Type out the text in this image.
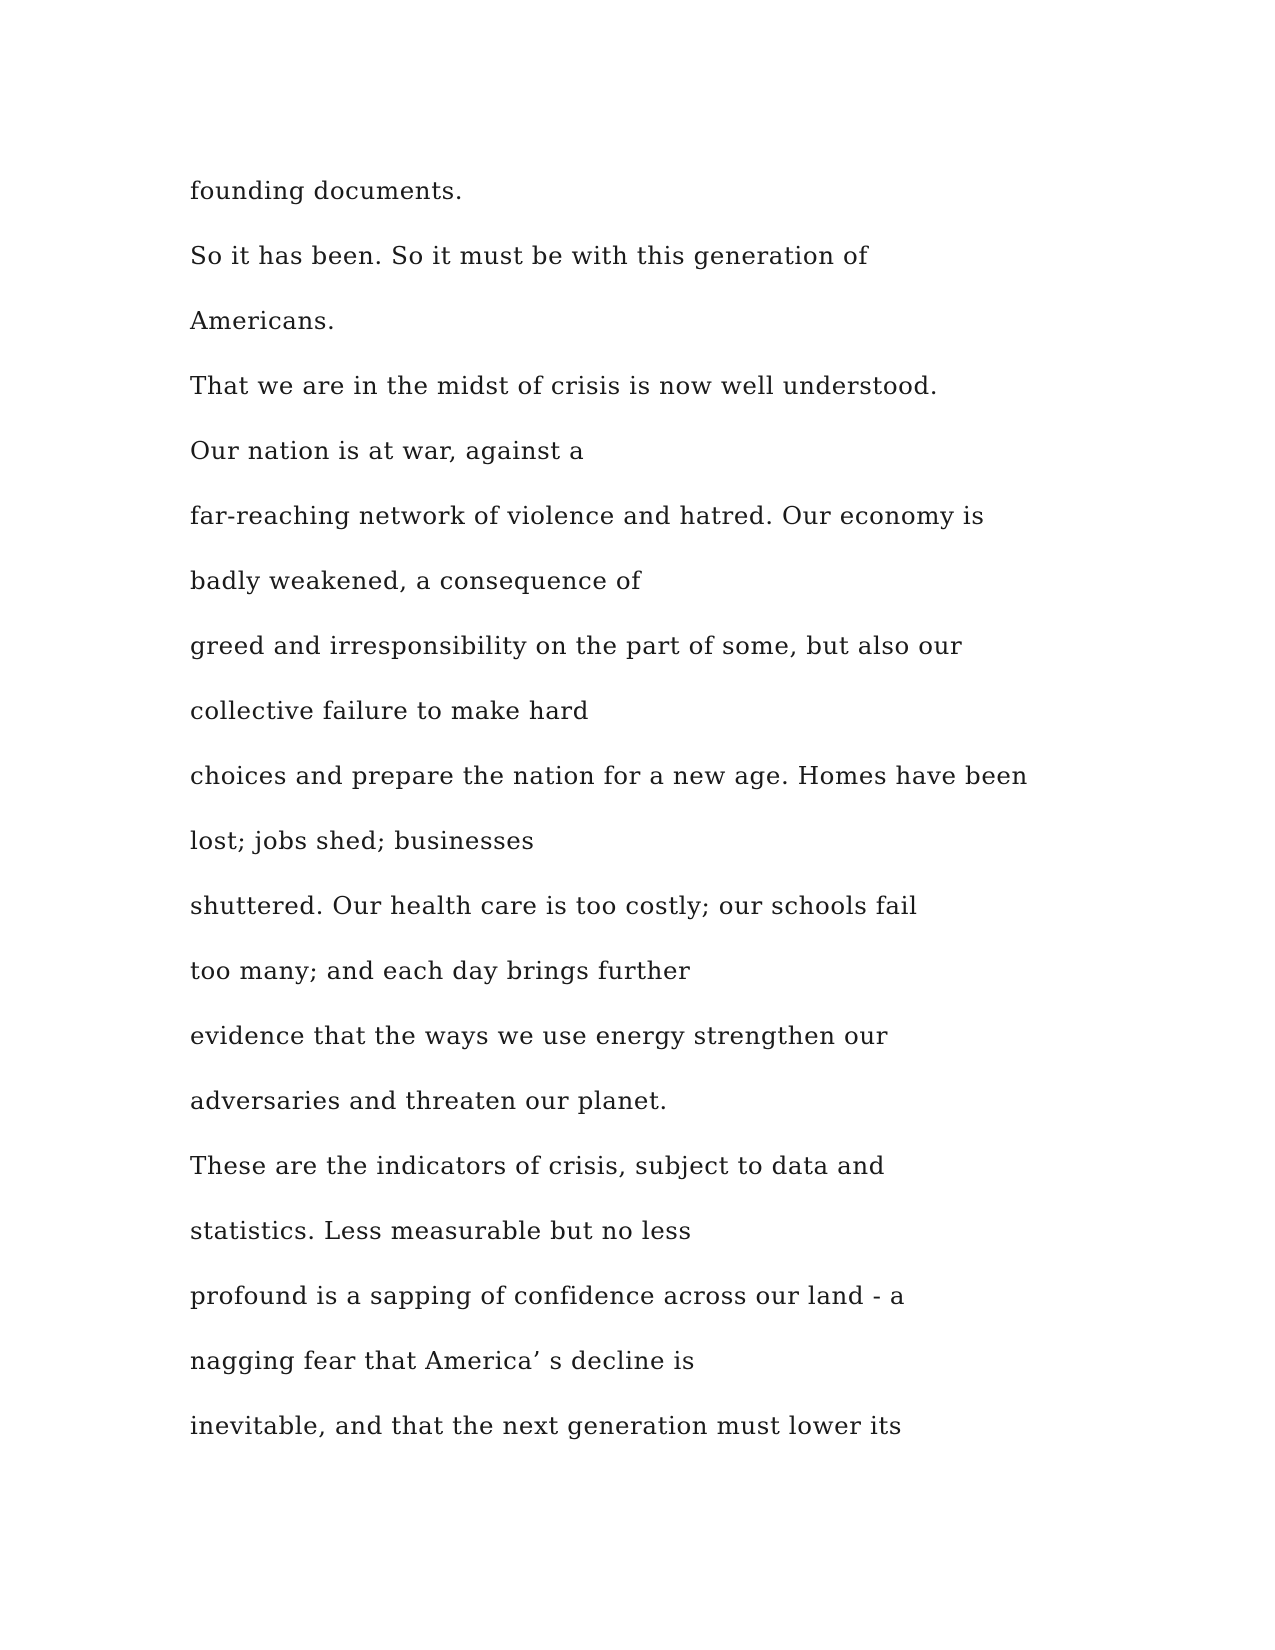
founding documents.
So it has been. So it must be with this generation of
Americans.
That we are in the midst of crisis is now well understood.
Our nation is at war, against a
far-reaching network of violence and hatred. Our economy is
badly weakened, a consequence of
greed and irresponsibility on the part of some, but also our
collective failure to make hard
choices and prepare the nation for a new age. Homes have been
lost; jobs shed; businesses
shuttered. Our health care is too costly; our schools fail
too many; and each day brings further
evidence that the ways we use energy strengthen our
adversaries and threaten our planet.
These are the indicators of crisis, subject to data and
statistics. Less measurable but no less
profound is a sapping of confidence across our land - a
nagging fear that America’ s decline is
inevitable, and that the next generation must lower its
